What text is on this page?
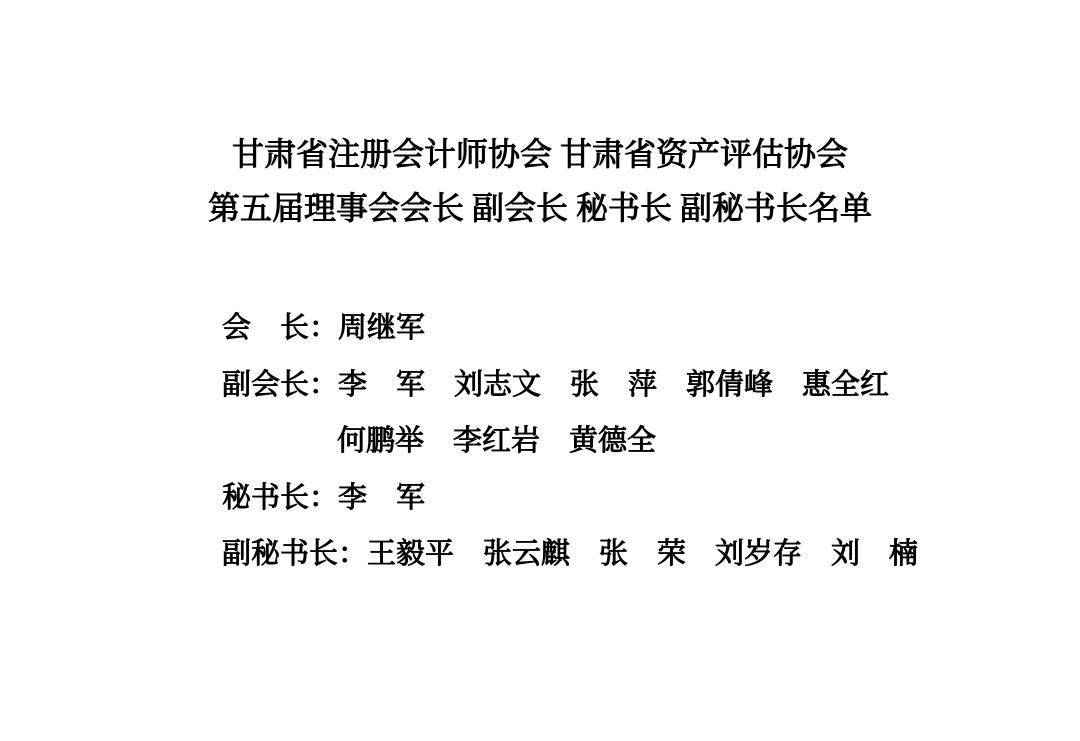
甘肃省注册会计师协会 甘肃省资产评估协会
第五届理事会会长 副会长 秘书长 副秘书长名单
会　长：周继军
副会长：李　军　刘志文　张　萍　郭倩峰　惠全红
何鹏举　李红岩　黄德全
秘书长：李　军
副秘书长：王毅平　张云麒　张　荣　刘岁存　刘　楠
